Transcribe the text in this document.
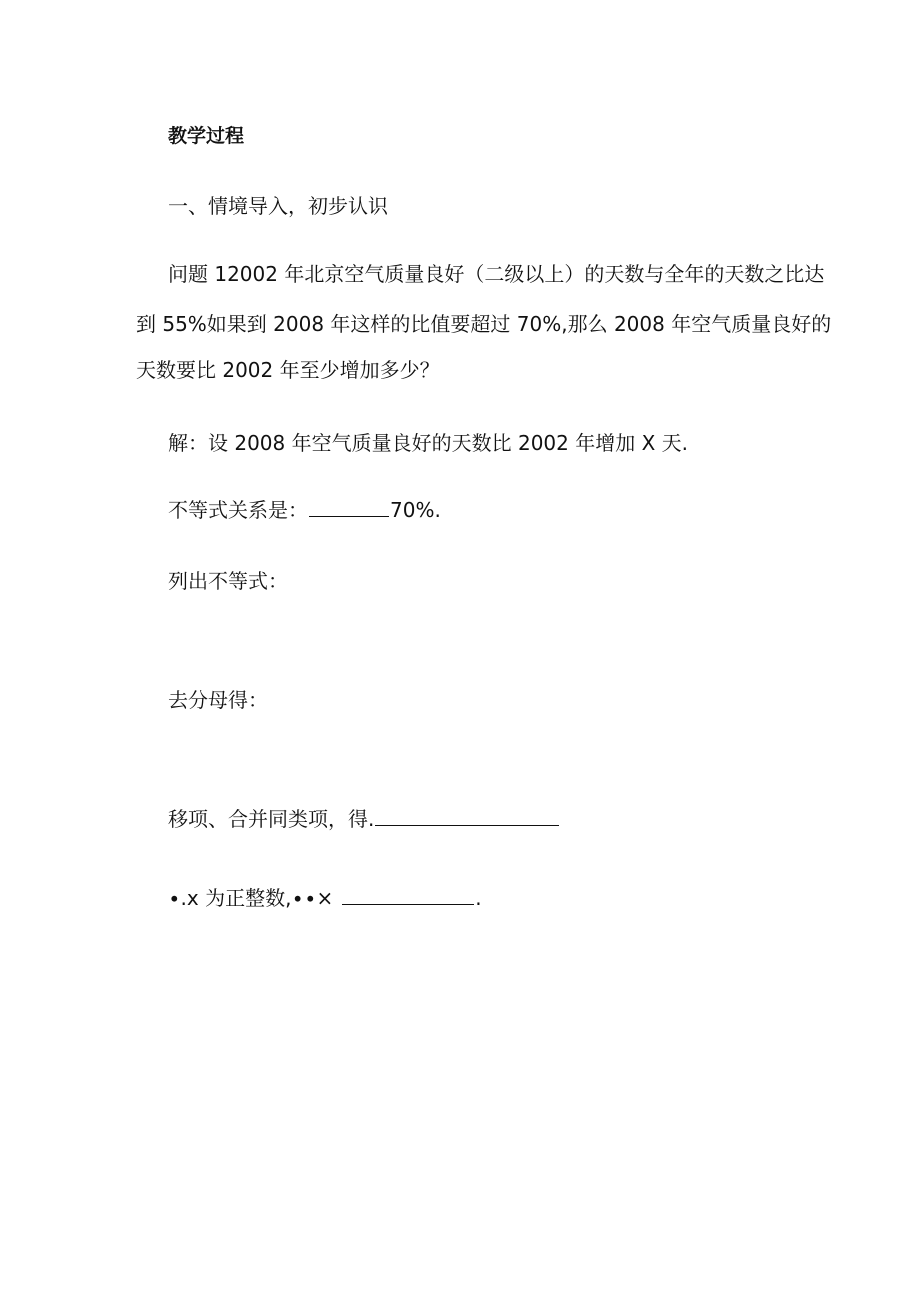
教学过程
一、情境导入，初步认识
问题 12002 年北京空气质量良好（二级以上）的天数与全年的天数之比达
到 55%如果到 2008 年这样的比值要超过 70%,那么 2008 年空气质量良好的
天数要比 2002 年至少增加多少？
解：设 2008 年空气质量良好的天数比 2002 年增加 X 天.
不等式关系是：	70%.
列出不等式：
去分母得：
移项、合并同类项，得.
∙.x 为正整数,∙∙×	.
